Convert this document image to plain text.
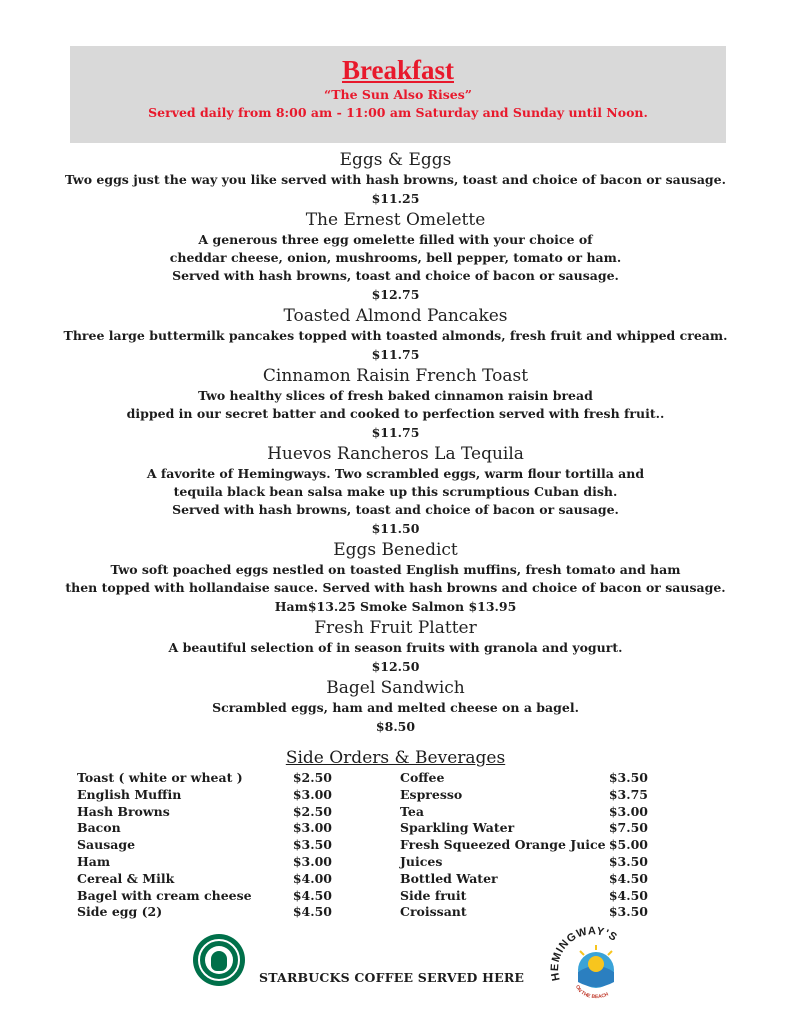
Breakfast
“The Sun Also Rises”
Served daily from 8:00 am - 11:00 am Saturday and Sunday until Noon.
Eggs & Eggs
Two eggs just the way you like served with hash browns, toast and choice of bacon or sausage.
$11.25
The Ernest Omelette
A generous three egg omelette filled with your choice of
cheddar cheese, onion, mushrooms, bell pepper, tomato or ham.
Served with hash browns, toast and choice of bacon or sausage.
$12.75
Toasted Almond Pancakes
Three large buttermilk pancakes topped with toasted almonds, fresh fruit and whipped cream.
$11.75
Cinnamon Raisin French Toast
Two healthy slices of fresh baked cinnamon raisin bread
dipped in our secret batter and cooked to perfection served with fresh fruit..
$11.75
Huevos Rancheros La Tequila
A favorite of Hemingways. Two scrambled eggs, warm flour tortilla and
tequila black bean salsa make up this scrumptious Cuban dish.
Served with hash browns, toast and choice of bacon or sausage.
$11.50
Eggs Benedict
Two soft poached eggs nestled on toasted English muffins, fresh tomato and ham
then topped with hollandaise sauce. Served with hash browns and choice of bacon or sausage.
Ham$13.25 Smoke Salmon $13.95
Fresh Fruit Platter
A beautiful selection of in season fruits with granola and yogurt.
$12.50
Bagel Sandwich
Scrambled eggs, ham and melted cheese on a bagel.
$8.50
Side Orders & Beverages
Toast ( white or wheat )	$2.50
English Muffin	$3.00
Hash Browns	$2.50
Bacon	$3.00
Sausage	$3.50
Ham	$3.00
Cereal & Milk	$4.00
Bagel with cream cheese	$4.50
Side egg (2)	$4.50
Coffee	$3.50
Espresso	$3.75
Tea	$3.00
Sparkling Water	$7.50
Fresh Squeezed Orange Juice $5.00
Juices	$3.50
Bottled Water	$4.50
Side fruit	$4.50
Croissant	$3.50
STARBUCKS COFFEE SERVED HERE HEMINGWAY'S
ON THE BEACH
